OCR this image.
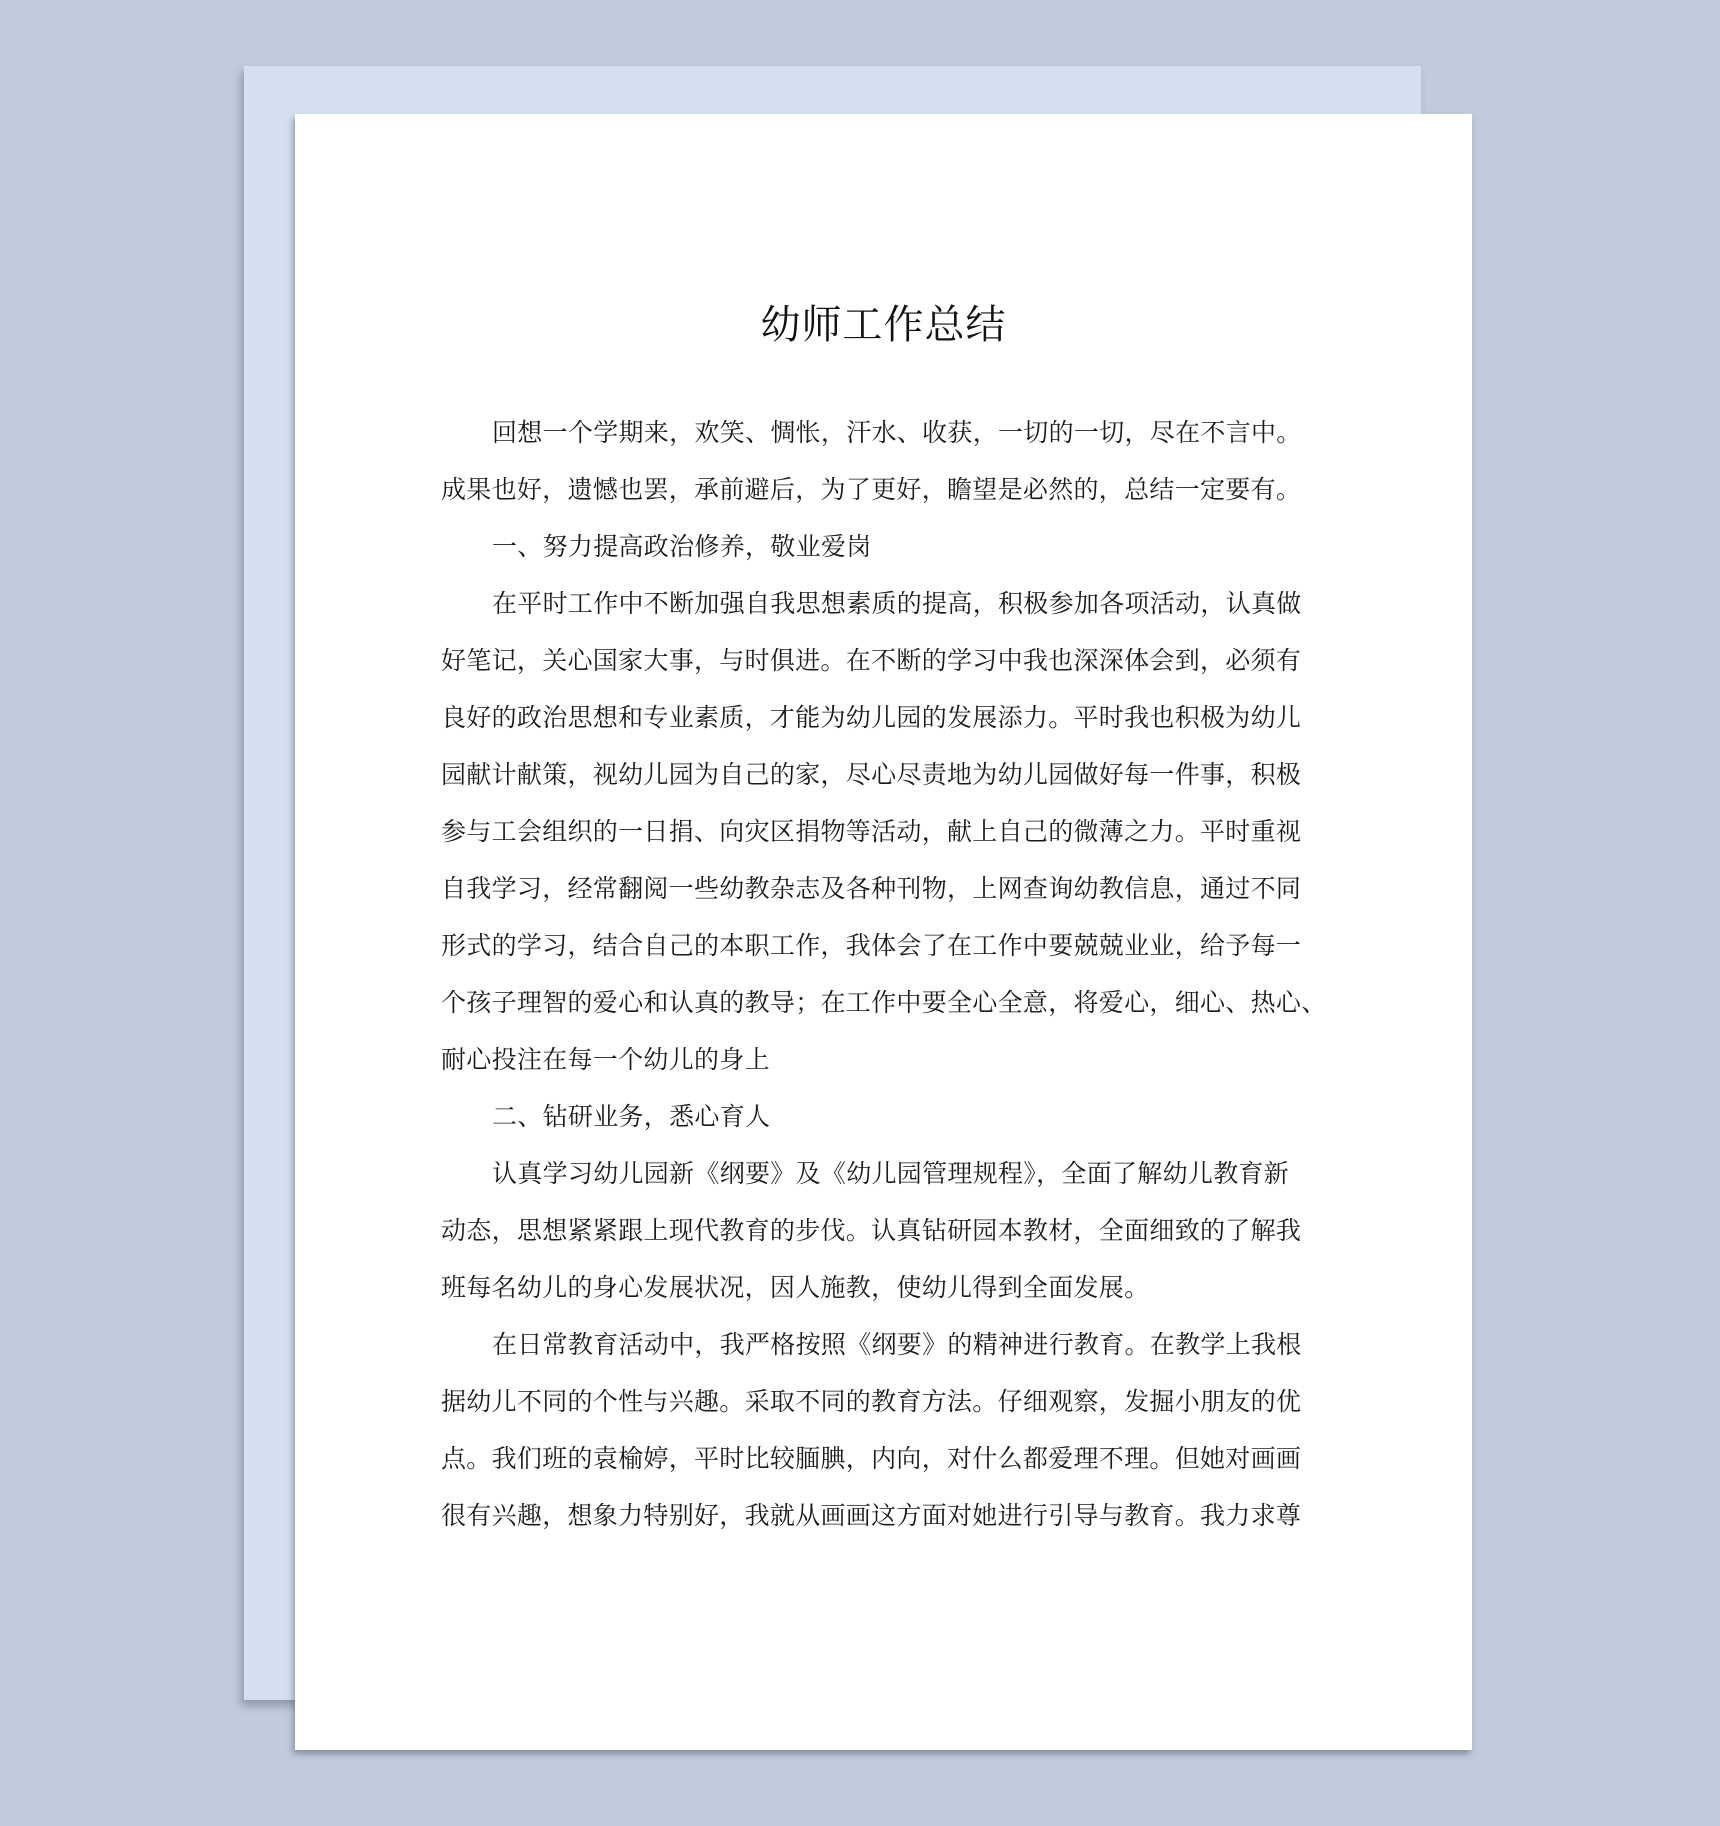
幼师工作总结
回想一个学期来，欢笑、惆怅，汗水、收获，一切的一切，尽在不言中。
成果也好，遗憾也罢，承前避后，为了更好，瞻望是必然的，总结一定要有。
一、努力提高政治修养，敬业爱岗
在平时工作中不断加强自我思想素质的提高，积极参加各项活动，认真做
好笔记，关心国家大事，与时俱进。在不断的学习中我也深深体会到，必须有
良好的政治思想和专业素质，才能为幼儿园的发展添力。平时我也积极为幼儿
园献计献策，视幼儿园为自己的家，尽心尽责地为幼儿园做好每一件事，积极
参与工会组织的一日捐、向灾区捐物等活动，献上自己的微薄之力。平时重视
自我学习，经常翻阅一些幼教杂志及各种刊物，上网查询幼教信息，通过不同
形式的学习，结合自己的本职工作，我体会了在工作中要兢兢业业，给予每一
个孩子理智的爱心和认真的教导；在工作中要全心全意，将爱心，细心、热心、
耐心投注在每一个幼儿的身上
二、钻研业务，悉心育人
认真学习幼儿园新《纲要》及《幼儿园管理规程》，全面了解幼儿教育新
动态，思想紧紧跟上现代教育的步伐。认真钻研园本教材，全面细致的了解我
班每名幼儿的身心发展状况，因人施教，使幼儿得到全面发展。
在日常教育活动中，我严格按照《纲要》的精神进行教育。在教学上我根
据幼儿不同的个性与兴趣。采取不同的教育方法。仔细观察，发掘小朋友的优
点。我们班的袁榆婷，平时比较腼腆，内向，对什么都爱理不理。但她对画画
很有兴趣，想象力特别好，我就从画画这方面对她进行引导与教育。我力求尊
